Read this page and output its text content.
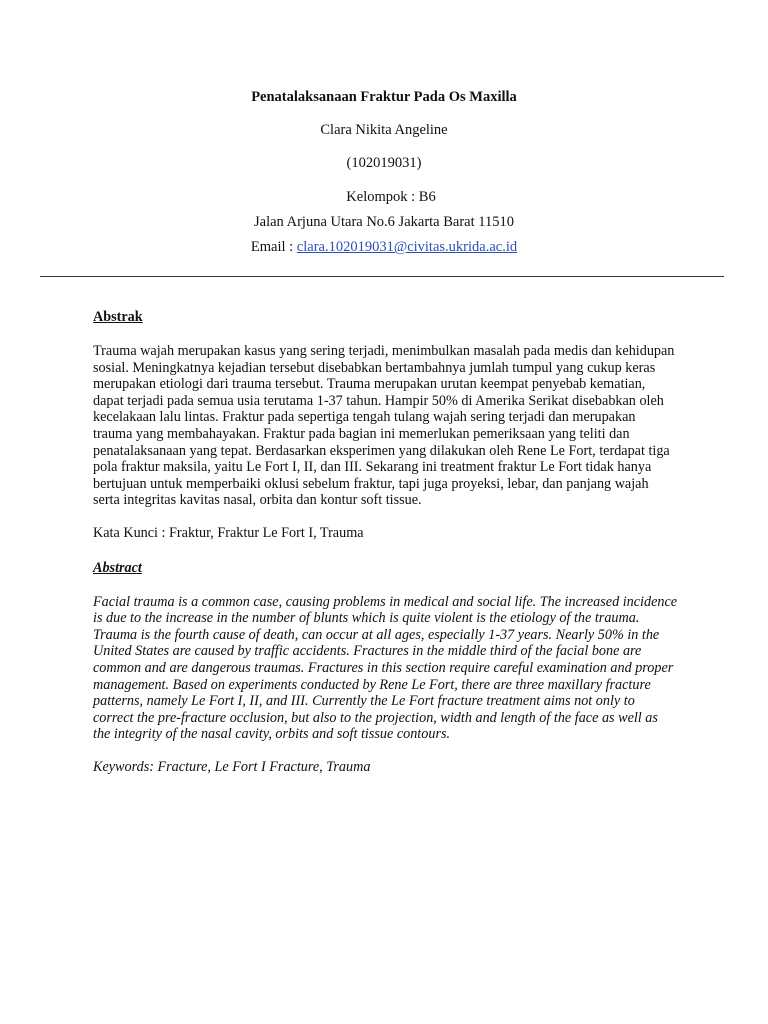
Penatalaksanaan Fraktur Pada Os Maxilla

Clara Nikita Angeline

(102019031)

Kelompok : B6

Jalan Arjuna Utara No.6 Jakarta Barat 11510

Email : clara.102019031@civitas.ukrida.ac.id

Abstrak

Trauma wajah merupakan kasus yang sering terjadi, menimbulkan masalah pada medis dan kehidupan sosial. Meningkatnya kejadian tersebut disebabkan bertambahnya jumlah tumpul yang cukup keras merupakan etiologi dari trauma tersebut. Trauma merupakan urutan keempat penyebab kematian, dapat terjadi pada semua usia terutama 1-37 tahun. Hampir 50% di Amerika Serikat disebabkan oleh kecelakaan lalu lintas. Fraktur pada sepertiga tengah tulang wajah sering terjadi dan merupakan trauma yang membahayakan. Fraktur pada bagian ini memerlukan pemeriksaan yang teliti dan penatalaksanaan yang tepat. Berdasarkan eksperimen yang dilakukan oleh Rene Le Fort, terdapat tiga pola fraktur maksila, yaitu Le Fort I, II, dan III. Sekarang ini treatment fraktur Le Fort tidak hanya bertujuan untuk memperbaiki oklusi sebelum fraktur, tapi juga proyeksi, lebar, dan panjang wajah serta integritas kavitas nasal, orbita dan kontur soft tissue.

Kata Kunci : Fraktur, Fraktur Le Fort I, Trauma

Abstract

Facial trauma is a common case, causing problems in medical and social life. The increased incidence is due to the increase in the number of blunts which is quite violent is the etiology of the trauma. Trauma is the fourth cause of death, can occur at all ages, especially 1-37 years. Nearly 50% in the United States are caused by traffic accidents. Fractures in the middle third of the facial bone are common and are dangerous traumas. Fractures in this section require careful examination and proper management. Based on experiments conducted by Rene Le Fort, there are three maxillary fracture patterns, namely Le Fort I, II, and III. Currently the Le Fort fracture treatment aims not only to correct the pre-fracture occlusion, but also to the projection, width and length of the face as well as the integrity of the nasal cavity, orbits and soft tissue contours.

Keywords: Fracture, Le Fort I Fracture, Trauma
